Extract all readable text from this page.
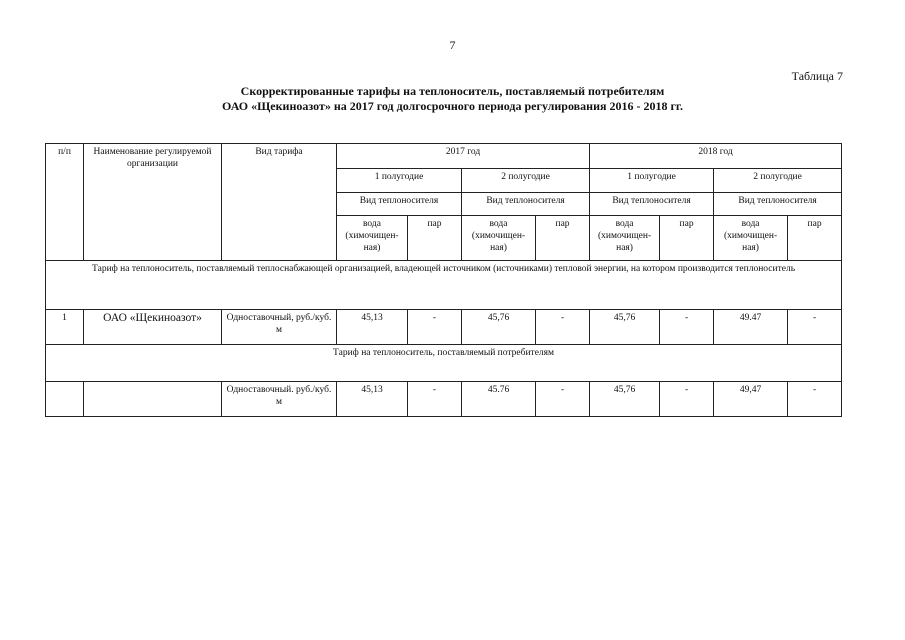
7
Таблица 7
Скорректированные тарифы на теплоноситель, поставляемый потребителям
ОАО «Щекиноазот» на 2017 год долгосрочного периода регулирования 2016 - 2018 гг.
п/п	Наименование регулируемой организации	Вид тарифа	2017 год				2018 год			
			1 полугодие		2 полугодие		1 полугодие		2 полугодие	
			Вид теплоносителя		Вид теплоносителя		Вид теплоносителя		Вид теплоносителя	
			вода (химочищен-ная)	пар	вода (химочищен-ная)	пар	вода (химочищен-ная)	пар	вода (химочищен-ная)	пар
Тариф на теплоноситель, поставляемый теплоснабжающей организацией, владеющей источником (источниками) тепловой энергии, на котором производится теплоноситель										
1	ОАО «Щекиноазот»	Одноставочный, руб./куб. м	45,13	-	45,76	-	45,76	-	49.47	-
Тариф на теплоноситель, поставляемый потребителям										
		Одноставочный. руб./куб. м	45,13	-	45.76	-	45,76	-	49,47	-
